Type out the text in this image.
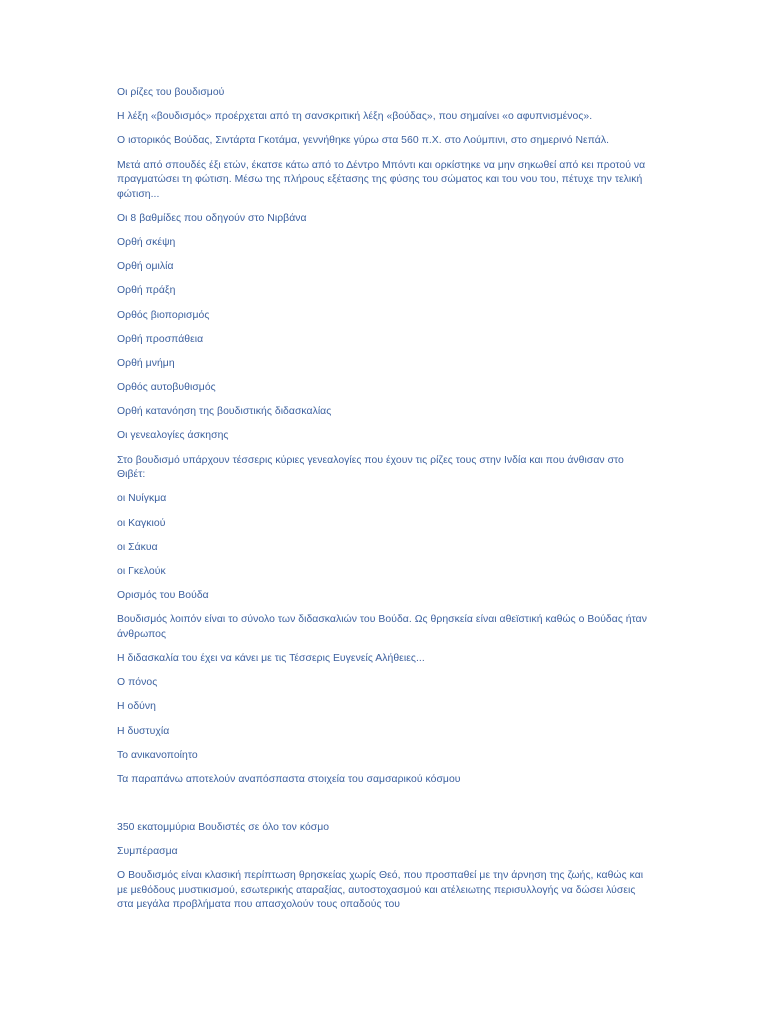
Οι ρίζες του βουδισμού

Η λέξη «βουδισμός» προέρχεται από τη σανσκριτική λέξη «βούδας», που σημαίνει «ο αφυπνισμένος».

Ο ιστορικός Βούδας, Σιντάρτα Γκοτάμα, γεννήθηκε γύρω στα 560 π.Χ. στο Λούμπινι, στο σημερινό Νεπάλ.

Μετά από σπουδές έξι ετών, έκατσε κάτω από το Δέντρο Μπόντι και ορκίστηκε να μην σηκωθεί από κει προτού να πραγματώσει τη φώτιση. Μέσω της πλήρους εξέτασης της φύσης του σώματος και του νου του, πέτυχε την τελική φώτιση...

Οι 8 βαθμίδες που οδηγούν στο Νιρβάνα

Ορθή σκέψη

Ορθή ομιλία

Ορθή πράξη

Ορθός βιοπορισμός

Ορθή προσπάθεια

Ορθή μνήμη

Ορθός αυτοβυθισμός

Ορθή κατανόηση της βουδιστικής διδασκαλίας

Οι γενεαλογίες άσκησης

Στο βουδισμό υπάρχουν τέσσερις κύριες γενεαλογίες που έχουν τις ρίζες τους στην Ινδία και που άνθισαν στο Θιβέτ:

οι Νυίγκμα

οι Καγκιού

οι Σάκυα

οι Γκελούκ

Ορισμός του Βούδα

Βουδισμός λοιπόν είναι το σύνολο των διδασκαλιών του Βούδα. Ως θρησκεία είναι αθεϊστική καθώς ο Βούδας ήταν άνθρωπος

Η διδασκαλία του έχει να κάνει με τις Τέσσερις Ευγενείς Αλήθειες...

Ο πόνος

Η οδύνη

Η δυστυχία

Το ανικανοποίητο

Τα παραπάνω αποτελούν αναπόσπαστα στοιχεία του σαμσαρικού κόσμου

350 εκατομμύρια Βουδιστές σε όλο τον κόσμο

Συμπέρασμα

Ο Βουδισμός είναι κλασική περίπτωση θρησκείας χωρίς Θεό, που προσπαθεί με την άρνηση της ζωής, καθώς και με μεθόδους μυστικισμού, εσωτερικής αταραξίας, αυτοστοχασμού και ατέλειωτης περισυλλογής να δώσει λύσεις στα μεγάλα προβλήματα που απασχολούν τους οπαδούς του
